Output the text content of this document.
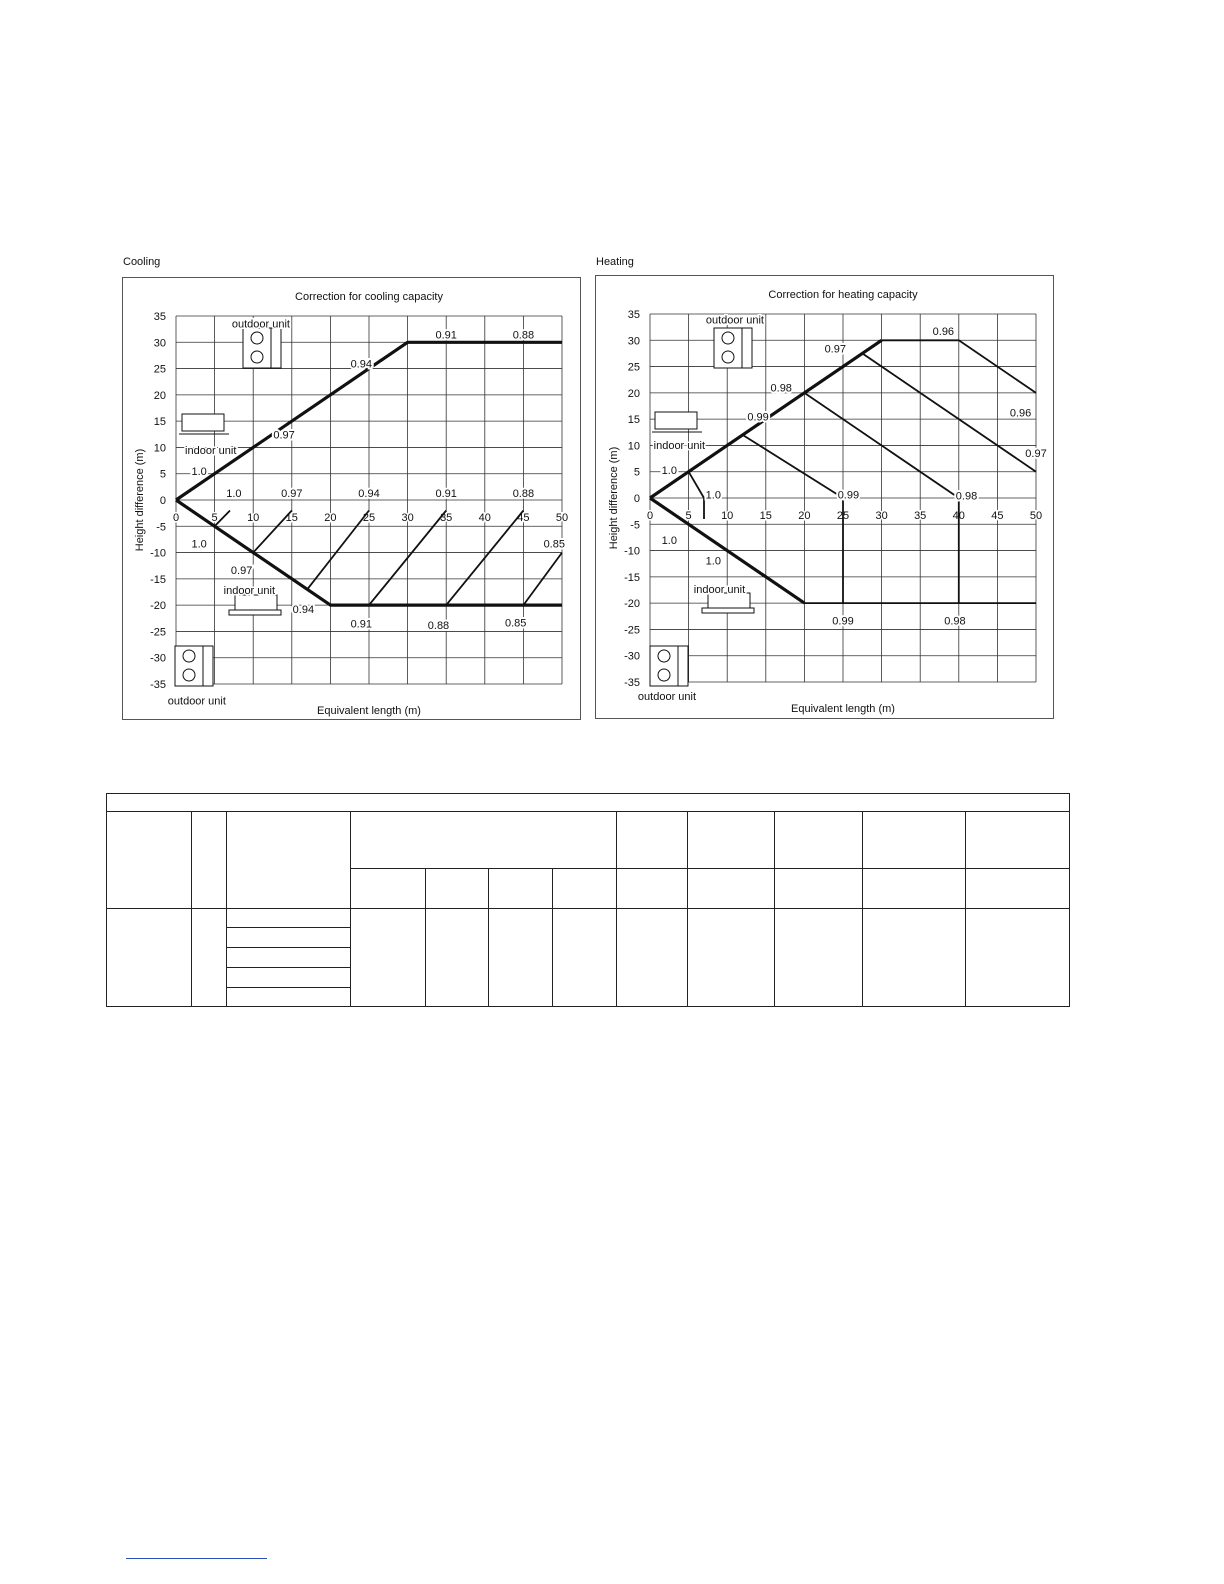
Cooling	Heating
Correction for cooling capacity
35
30
25
20
15
10
5
0
-5
-10
-15
-20
-25
-30
-35
0	5	10 15 20 25 30 35 40 45 50
Equivalent length (m)
Height difference (m)	1.0
0.97
0.94
0.91	0.88
1.0	0.97	0.94	0.91	0.88
1.0
0.97
0.94
0.91	0.88	0.85
0.85
outdoor unit
indoor unit
indoor unit
outdoor unit
Correction for heating capacity
35
30
25
20
15
10
5
0
-5
-10
-15
-20
-25
-30
-35
0	5	10 15 20 25 30 35 40 45 50
Equivalent length (m)
Height difference (m)	1.0
0.99
0.98
0.97
0.96
0.96
0.97
1.0	0.99	0.98
1.0
1.0
0.99	0.98
outdoor unit
indoor unit
indoor unit
outdoor unit
